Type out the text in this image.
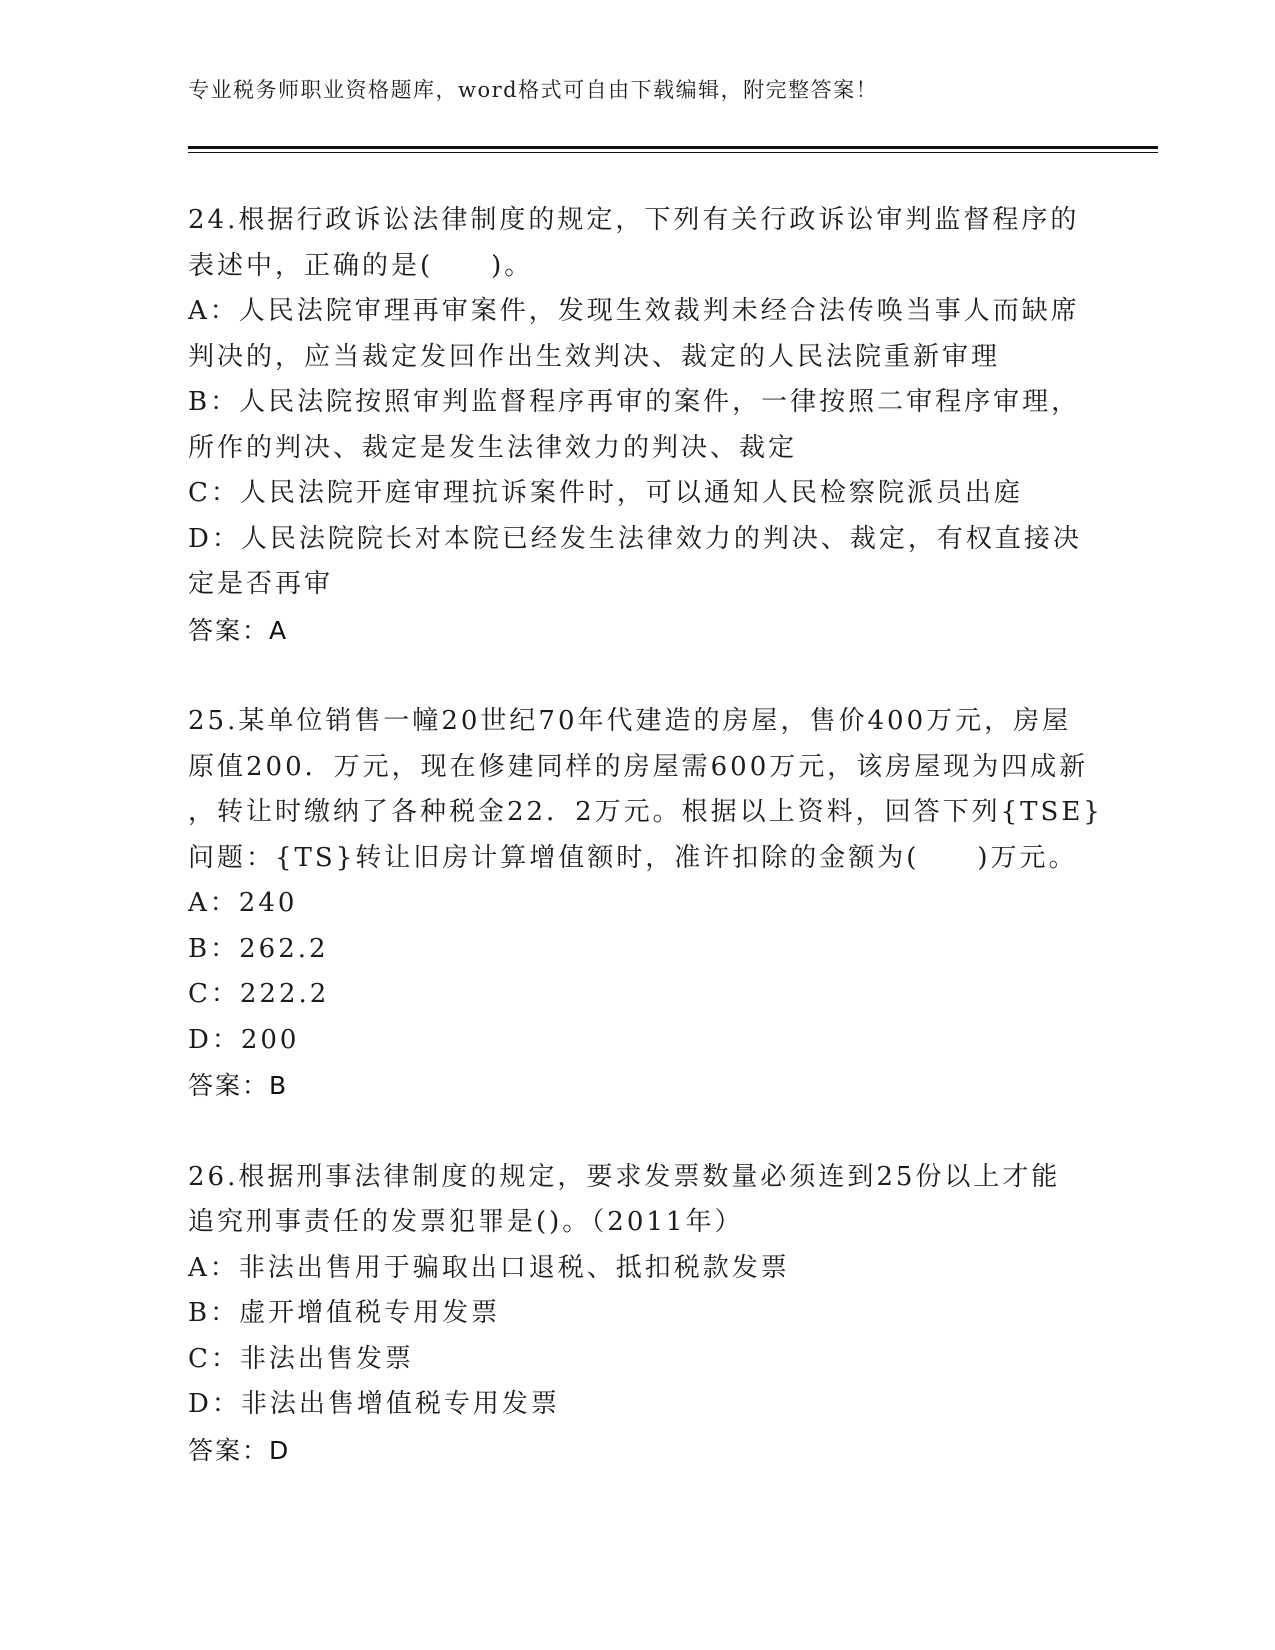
专业税务师职业资格题库，word格式可自由下载编辑，附完整答案！
24.根据行政诉讼法律制度的规定，下列有关行政诉讼审判监督程序的
表述中，正确的是(　　)。
A：人民法院审理再审案件，发现生效裁判未经合法传唤当事人而缺席
判决的，应当裁定发回作出生效判决、裁定的人民法院重新审理
B：人民法院按照审判监督程序再审的案件，一律按照二审程序审理，
所作的判决、裁定是发生法律效力的判决、裁定
C：人民法院开庭审理抗诉案件时，可以通知人民检察院派员出庭
D：人民法院院长对本院已经发生法律效力的判决、裁定，有权直接决
定是否再审
答案：A
25.某单位销售一幢20世纪70年代建造的房屋，售价400万元，房屋
原值200．万元，现在修建同样的房屋需600万元，该房屋现为四成新
，转让时缴纳了各种税金22．2万元。根据以上资料，回答下列{TSE}
问题：{TS}转让旧房计算增值额时，准许扣除的金额为(　　)万元。
A：240
B：262.2
C：222.2
D：200
答案：B
26.根据刑事法律制度的规定，要求发票数量必须连到25份以上才能
追究刑事责任的发票犯罪是()。（2011年）
A：非法出售用于骗取出口退税、抵扣税款发票
B：虚开增值税专用发票
C：非法出售发票
D：非法出售增值税专用发票
答案：D
